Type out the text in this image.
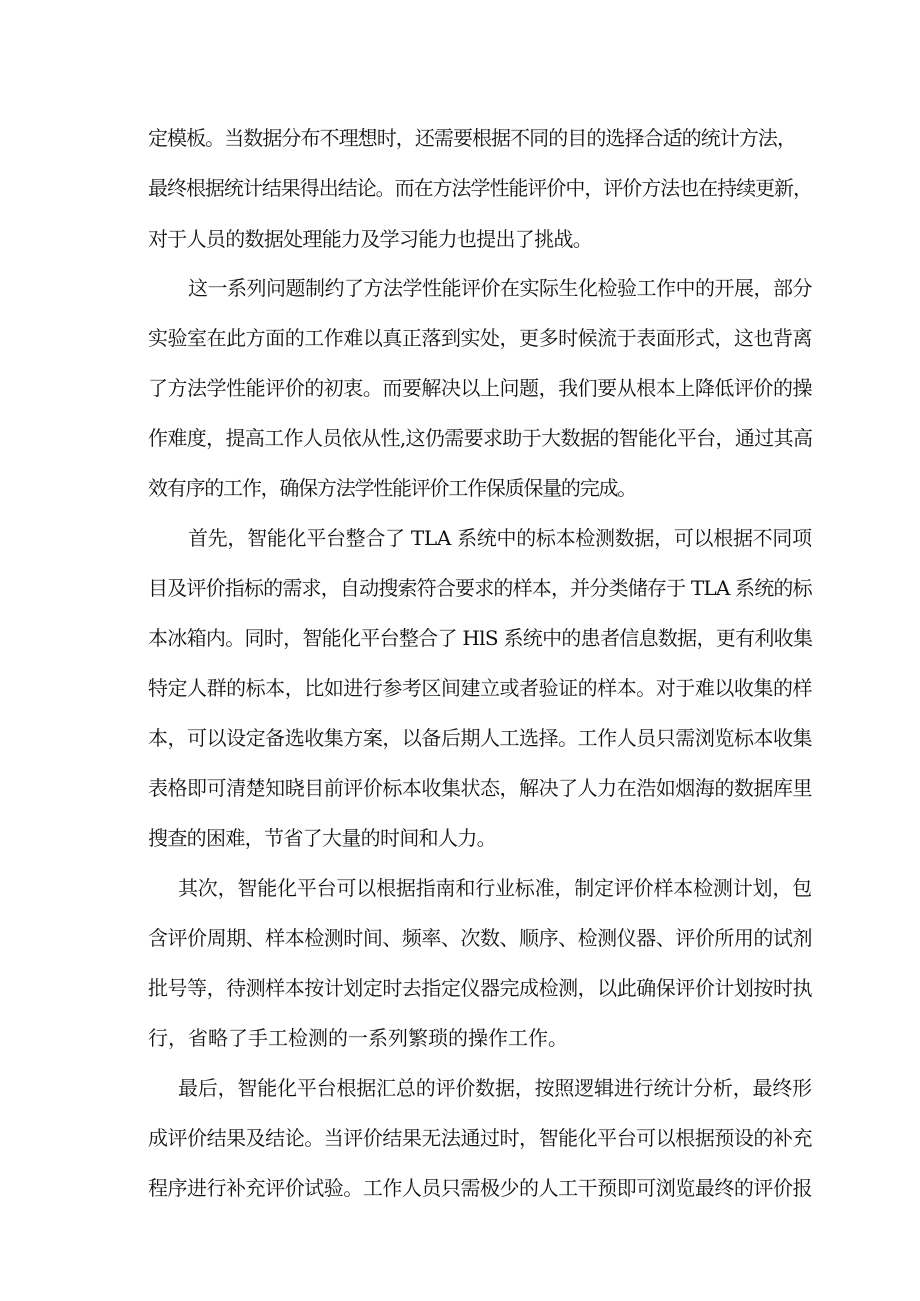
定模板。当数据分布不理想时，还需要根据不同的目的选择合适的统计方法，

最终根据统计结果得出结论。而在方法学性能评价中，评价方法也在持续更新，

对于人员的数据处理能力及学习能力也提出了挑战。

这一系列问题制约了方法学性能评价在实际生化检验工作中的开展，部分

实验室在此方面的工作难以真正落到实处，更多时候流于表面形式，这也背离

了方法学性能评价的初衷。而要解决以上问题，我们要从根本上降低评价的操

作难度，提高工作人员依从性,这仍需要求助于大数据的智能化平台，通过其高

效有序的工作，确保方法学性能评价工作保质保量的完成。

首先，智能化平台整合了 TLA 系统中的标本检测数据，可以根据不同项

目及评价指标的需求，自动搜索符合要求的样本，并分类储存于 TLA 系统的标

本冰箱内。同时，智能化平台整合了 HlS 系统中的患者信息数据，更有利收集

特定人群的标本，比如进行参考区间建立或者验证的样本。对于难以收集的样

本，可以设定备选收集方案，以备后期人工选择。工作人员只需浏览标本收集

表格即可清楚知晓目前评价标本收集状态，解决了人力在浩如烟海的数据库里

搜查的困难，节省了大量的时间和人力。

其次，智能化平台可以根据指南和行业标准，制定评价样本检测计划，包

含评价周期、样本检测时间、频率、次数、顺序、检测仪器、评价所用的试剂

批号等，待测样本按计划定时去指定仪器完成检测，以此确保评价计划按时执

行，省略了手工检测的一系列繁琐的操作工作。

最后，智能化平台根据汇总的评价数据，按照逻辑进行统计分析，最终形

成评价结果及结论。当评价结果无法通过时，智能化平台可以根据预设的补充

程序进行补充评价试验。工作人员只需极少的人工干预即可浏览最终的评价报
